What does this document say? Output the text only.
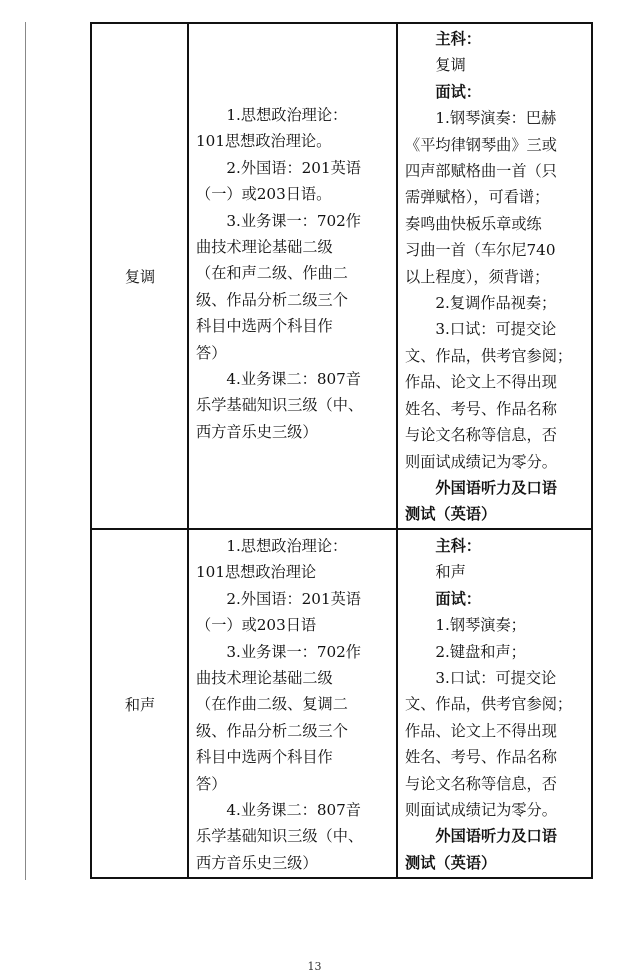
复调

1.思想政治理论：

101思想政治理论。

2.外国语：201英语

（一）或203日语。

3.业务课一：702作

曲技术理论基础二级

（在和声二级、作曲二

级、作品分析二级三个

科目中选两个科目作

答）

4.业务课二：807音

乐学基础知识三级（中、

西方音乐史三级）

主科：

复调

面试：

1.钢琴演奏：巴赫

《平均律钢琴曲》三或

四声部赋格曲一首（只

需弹赋格），可看谱；

奏鸣曲快板乐章或练

习曲一首（车尔尼740

以上程度），须背谱；

2.复调作品视奏；

3.口试：可提交论

文、作品，供考官参阅；

作品、论文上不得出现

姓名、考号、作品名称

与论文名称等信息，否

则面试成绩记为零分。

外国语听力及口语

测试（英语）

和声

1.思想政治理论：

101思想政治理论

2.外国语：201英语

（一）或203日语

3.业务课一：702作

曲技术理论基础二级

（在作曲二级、复调二

级、作品分析二级三个

科目中选两个科目作

答）

4.业务课二：807音

乐学基础知识三级（中、

西方音乐史三级）

主科：

和声

面试：

1.钢琴演奏；

2.键盘和声；

3.口试：可提交论

文、作品，供考官参阅；

作品、论文上不得出现

姓名、考号、作品名称

与论文名称等信息，否

则面试成绩记为零分。

外国语听力及口语

测试（英语）

13
